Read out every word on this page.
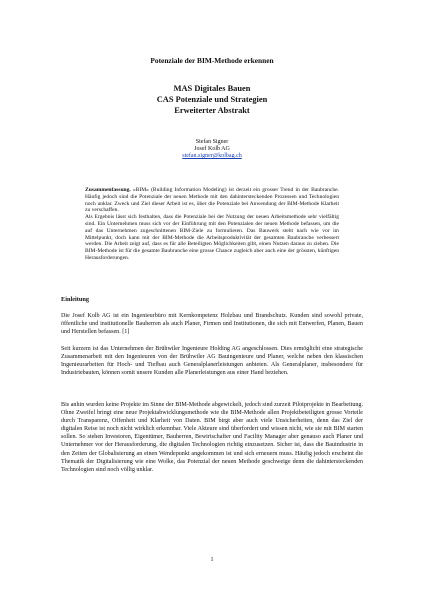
Potenziale der BIM-Methode erkennen
MAS Digitales Bauen
CAS Potenziale und Strategien
Erweiterter Abstrakt
Stefan Signer
Josef Kolb AG
stefan.signer@kolbag.ch

Zusammenfassung. «BIM» (Building Information Modeling) ist derzeit ein grosser Trend in der Baubranche. Häufig jedoch sind die Potenziale der neuen Methode mit den dahintersteckenden Prozessen und Technologien noch unklar. Zweck und Ziel dieser Arbeit ist es, über die Potenziale bei Anwendung der BIM-Methode Klarheit zu verschaffen.

Als Ergebnis lässt sich festhalten, dass die Potenziale bei der Nutzung der neuen Arbeitsmethode sehr vielfältig sind. Ein Unternehmen muss sich vor der Einführung mit den Potenzialen der neuen Methode befassen, um die auf das Unternehmen zugeschnittenen BIM-Ziele zu formulieren. Das Bauwerk steht nach wie vor im Mittelpunkt, doch kann mit der BIM-Methode die Arbeitsproduktivität der gesamten Baubranche verbessert werden. Die Arbeit zeigt auf, dass es für alle Beteiligten Möglichkeiten gibt, einen Nutzen daraus zu ziehen. Die BIM-Methode ist für die gesamte Baubranche eine grosse Chance zugleich aber auch eine der grössten, künftigen Herausforderungen.

Einleitung

Die Josef Kolb AG ist ein Ingenieurbüro mit Kernkompetenz Holzbau und Brandschutz. Kunden sind sowohl private, öffentliche und institutionelle Bauherren als auch Planer, Firmen und Institutionen, die sich mit Entwerfen, Planen, Bauen und Herstellen befassen. [1]

Seit kurzem ist das Unternehmen der Brühwiler Ingenieure Holding AG angeschlossen. Dies ermöglicht eine strategische Zusammenarbeit mit den Ingenieuren von der Brühwiler AG Bauingenieure und Planer, welche neben den klassischen Ingenieurarbeiten für Hoch- und Tiefbau auch Generalplanerleistungen anbieten. Als Generalplaner, insbesondere für Industriebauten, können somit unsere Kunden alle Planerleistungen aus einer Hand beziehen.

Bis anhin wurden keine Projekte im Sinne der BIM-Methode abgewickelt, jedoch sind zurzeit Pilotprojekte in Bearbeitung. Ohne Zweifel bringt eine neue Projektabwicklungsmethode wie die BIM-Methode allen Projektbeteiligten grosse Vorteile durch Transparenz, Offenheit und Klarheit von Daten. BIM birgt aber auch viele Unsicherheiten, denn das Ziel der digitalen Reise ist noch nicht wirklich erkennbar. Viele Akteure sind überfordert und wissen nicht, wie sie mit BIM starten sollen. So stehen Investoren, Eigentümer, Bauherren, Bewirtschafter und Facility Manager aber genauso auch Planer und Unternehmer vor der Herausforderung, die digitalen Technologien richtig einzusetzen. Sicher ist, dass die Bauindustrie in den Zeiten der Globalisierung an einen Wendepunkt angekommen ist und sich erneuern muss. Häufig jedoch erscheint die Thematik der Digitalisierung wie eine Wolke, das Potenzial der neuen Methode geschweige denn die dahintersteckenden Technologien sind noch völlig unklar.

1
